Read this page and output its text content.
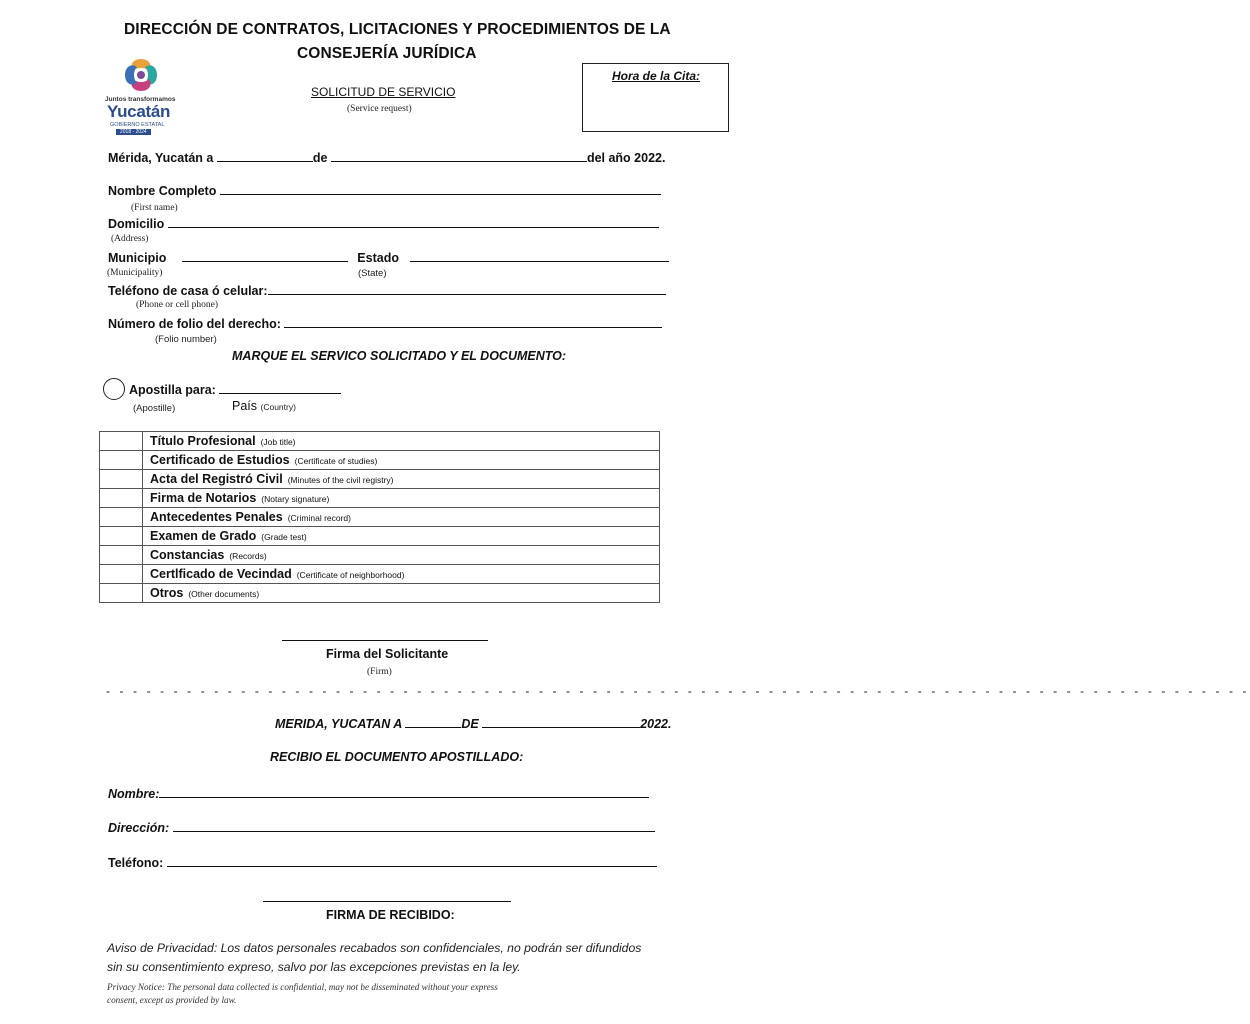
DIRECCIÓN DE CONTRATOS, LICITACIONES Y PROCEDIMIENTOS DE LA
CONSEJERÍA JURÍDICA
Juntos transformamos
Yucatán
GOBIERNO ESTATAL
2018 - 2024
SOLICITUD DE SERVICIO
(Service request)
Hora de la Cita:
Mérida, Yucatán a	de	del año 2022.
Nombre Completo
(First name)
Domicilio
(Address)
Municipio	Estado
(Municipality)	(State)
Teléfono de casa ó celular:
(Phone or cell phone)
Número de folio del derecho:
(Folio number)
MARQUE EL SERVICO SOLICITADO Y EL DOCUMENTO:
Apostilla para:
(Apostille)	País (Country)
	Título Profesional (Job title)
	Certificado de Estudios (Certificate of studies)
	Acta del Registró Civil (Minutes of the civil registry)
	Firma de Notarios (Notary signature)
	Antecedentes Penales (Criminal record)
	Examen de Grado (Grade test)
	Constancias (Records)
	Certlficado de Vecindad (Certificate of neighborhood)
	Otros (Other documents)
Firma del Solicitante
(Firm)
- - - - - - - - - - - - - - - - - - - - - - - - - - - - - - - - - - - - - - - - - - - - - - - - - - - - - - - - - - - - - - - - - - - - - - - - - - - - - - - - - - - - -
MERIDA, YUCATAN A	DE	2022.
RECIBIO EL DOCUMENTO APOSTILLADO:
Nombre:
Dirección:
Teléfono:
FIRMA DE RECIBIDO:
Aviso de Privacidad: Los datos personales recabados son confidenciales, no podrán ser difundidos
sin su consentimiento expreso, salvo por las excepciones previstas en la ley.
Privacy Notice: The personal data collected is confidential, may not be disseminated without your express
consent, except as provided by law.
